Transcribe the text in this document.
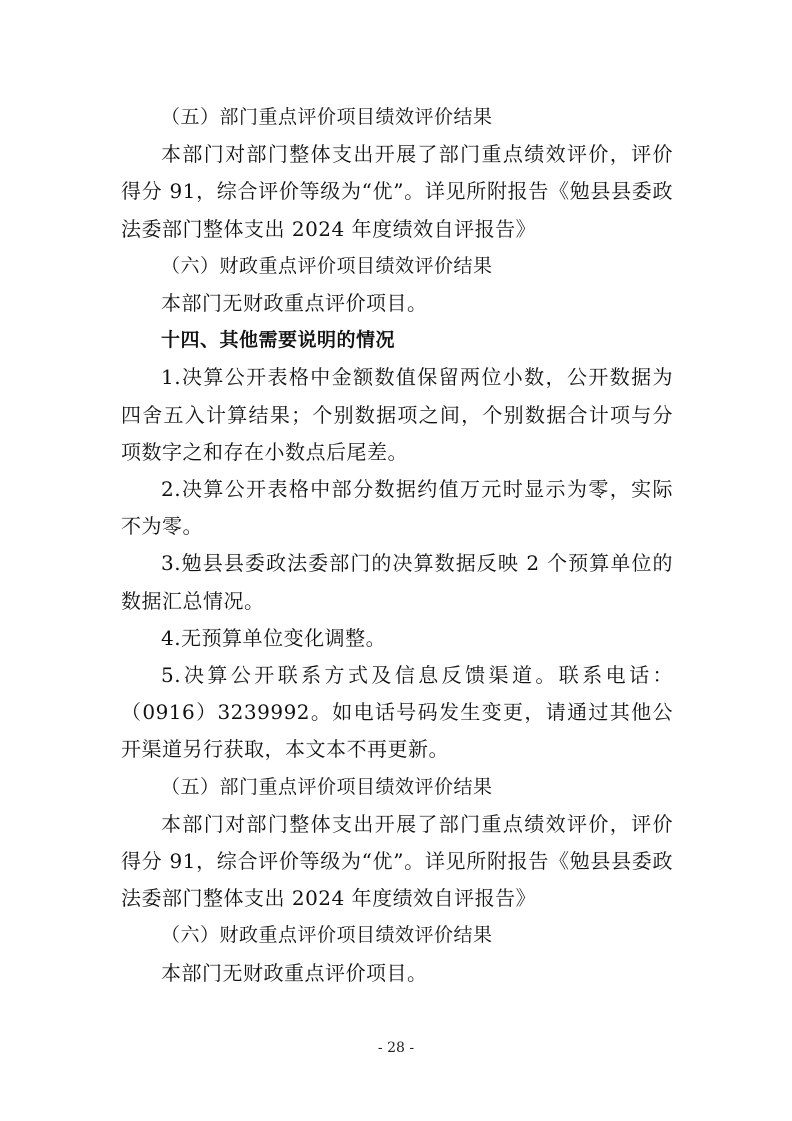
（五）部门重点评价项目绩效评价结果

本部门对部门整体支出开展了部门重点绩效评价，评价得分 91，综合评价等级为“优”。详见所附报告《勉县县委政法委部门整体支出 2024 年度绩效自评报告》

（六）财政重点评价项目绩效评价结果

本部门无财政重点评价项目。

十四、其他需要说明的情况

1.决算公开表格中金额数值保留两位小数，公开数据为四舍五入计算结果；个别数据项之间，个别数据合计项与分项数字之和存在小数点后尾差。

2.决算公开表格中部分数据约值万元时显示为零，实际不为零。

3.勉县县委政法委部门的决算数据反映 2 个预算单位的数据汇总情况。

4.无预算单位变化调整。

5.决算公开联系方式及信息反馈渠道。联系电话：（0916）3239992。如电话号码发生变更，请通过其他公开渠道另行获取，本文本不再更新。

（五）部门重点评价项目绩效评价结果

本部门对部门整体支出开展了部门重点绩效评价，评价得分 91，综合评价等级为“优”。详见所附报告《勉县县委政法委部门整体支出 2024 年度绩效自评报告》

（六）财政重点评价项目绩效评价结果

本部门无财政重点评价项目。

- 28 -
